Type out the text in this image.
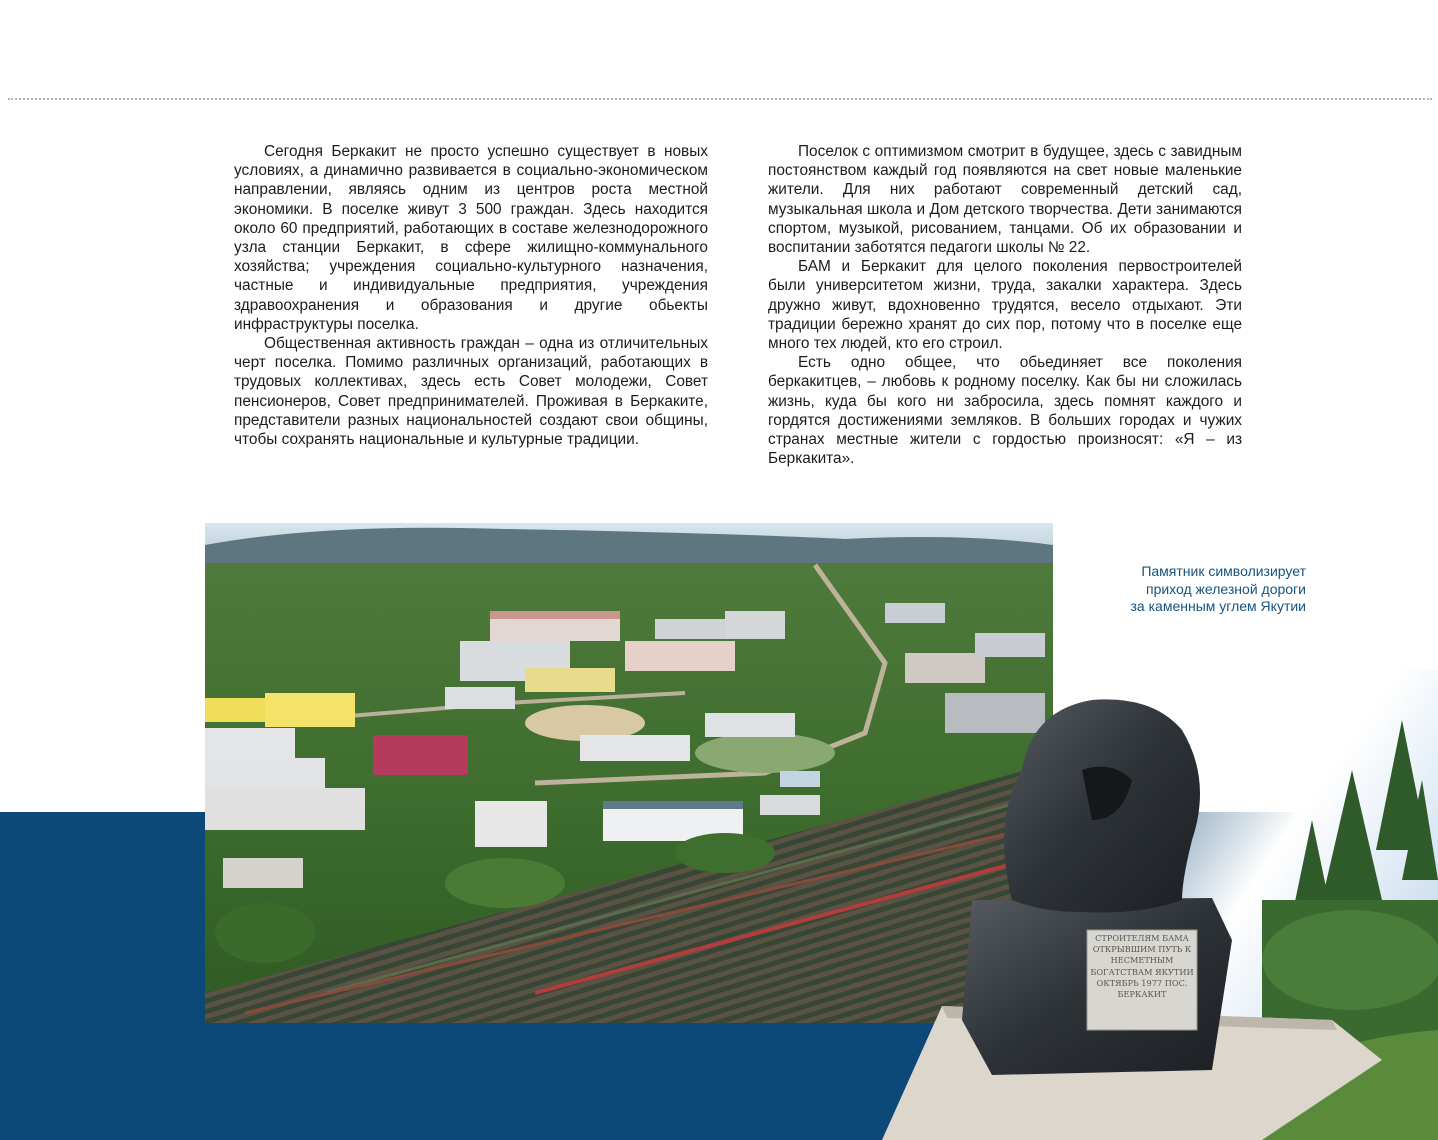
Сегодня Беркакит не просто успешно существует в новых условиях, а динамично развивается в социально-экономическом направлении, являясь одним из центров роста местной экономики. В поселке живут 3 500 граждан. Здесь находится около 60 предприятий, работающих в составе железнодорожного узла станции Беркакит, в сфере жилищно-коммунального хозяйства; учреждения социально-культурного назначения, частные и индивидуальные предприятия, учреждения здравоохранения и образования и другие обьекты инфраструктуры поселка.

Общественная активность граждан – одна из отличительных черт поселка. Помимо различных организаций, работающих в трудовых коллективах, здесь есть Совет молодежи, Совет пенсионеров, Совет предпринимателей. Проживая в Беркаките, представители разных национальностей создают свои общины, чтобы сохранять национальные и культурные традиции.

Поселок с оптимизмом смотрит в будущее, здесь с завидным постоянством каждый год появляются на свет новые маленькие жители. Для них работают современный детский сад, музыкальная школа и Дом детского творчества. Дети занимаются спортом, музыкой, рисованием, танцами. Об их образовании и воспитании заботятся педагоги школы № 22.

БАМ и Беркакит для целого поколения первостроителей были университетом жизни, труда, закалки характера. Здесь дружно живут, вдохновенно трудятся, весело отдыхают. Эти традиции бережно хранят до сих пор, потому что в поселке еще много тех людей, кто его строил.

Есть одно общее, что обьединяет все поколения беркакитцев, – любовь к родному поселку. Как бы ни сложилась жизнь, куда бы кого ни забросила, здесь помнят каждого и гордятся достижениями земляков. В больших городах и чужих странах местные жители с гордостью произносят: «Я – из Беркакита».

СТРОИТЕЛЯМ БАМА ОТКРЫВШИМ ПУТЬ К НЕСМЕТНЫМ БОГАТСТВАМ ЯКУТИИ ОКТЯБРЬ 1977 ПОС. БЕРКАКИТ
Памятник символизирует
приход железной дороги
за каменным углем Якутии
